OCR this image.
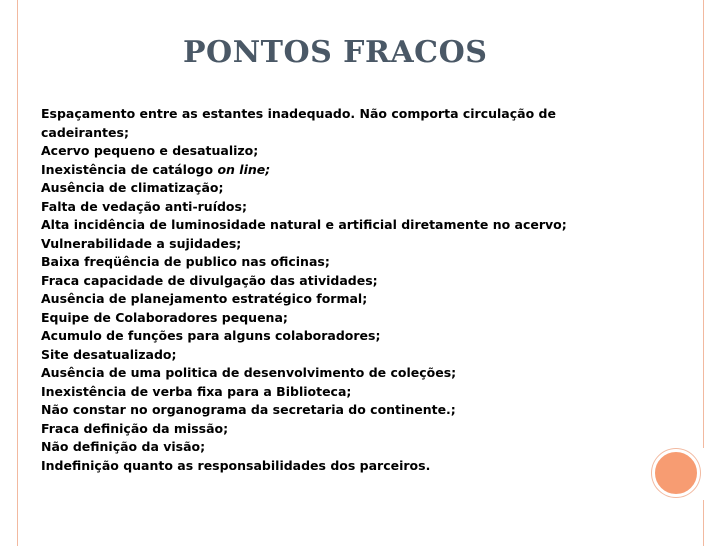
PONTOS FRACOS
Espaçamento entre as estantes inadequado. Não comporta circulação de
cadeirantes;
Acervo pequeno e desatualizo;
Inexistência de catálogo on line;
Ausência de climatização;
Falta de vedação anti-ruídos;
Alta incidência de luminosidade natural e artificial diretamente no acervo;
Vulnerabilidade a sujidades;
Baixa freqüência de publico nas oficinas;
Fraca capacidade de divulgação das atividades;
Ausência de planejamento estratégico formal;
Equipe de Colaboradores pequena;
Acumulo de funções para alguns colaboradores;
Site desatualizado;
Ausência de uma politica de desenvolvimento de coleções;
Inexistência de verba fixa para a Biblioteca;
Não constar no organograma da secretaria do continente.;
Fraca definição da missão;
Não definição da visão;
Indefinição quanto as responsabilidades dos parceiros.
